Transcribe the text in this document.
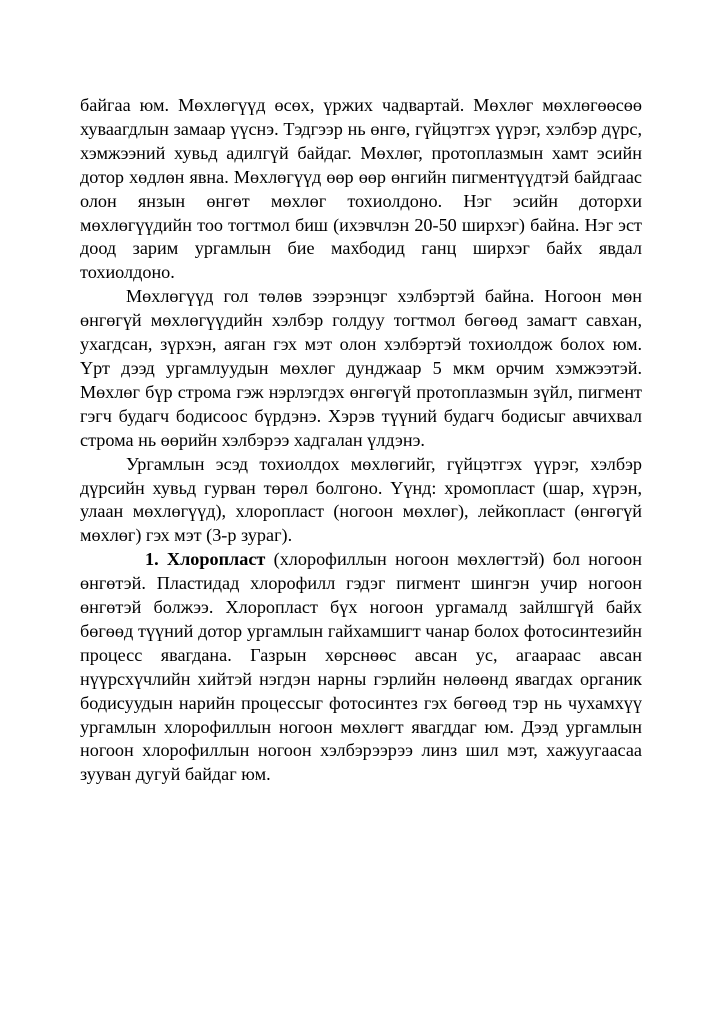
байгаа юм. Мөхлөгүүд өсөх, үржих чадвартай. Мөхлөг мөхлөгөөсөө хуваагдлын замаар үүснэ. Тэдгээр нь өнгө, гүйцэтгэх үүрэг, хэлбэр дүрс, хэмжээний хувьд адилгүй байдаг. Мөхлөг, протоплазмын хамт эсийн дотор хөдлөн явна. Мөхлөгүүд өөр өөр өнгийн пигментүүдтэй байдгаас олон янзын өнгөт мөхлөг тохиолдоно. Нэг эсийн доторхи мөхлөгүүдийн тоо тогтмол биш (ихэвчлэн 20-50 ширхэг) байна. Нэг эст доод зарим ургамлын бие махбодид ганц ширхэг байх явдал тохиолдоно.

Мөхлөгүүд гол төлөв зээрэнцэг хэлбэртэй байна. Ногоон мөн өнгөгүй мөхлөгүүдийн хэлбэр голдуу тогтмол бөгөөд замагт савхан, ухагдсан, зүрхэн, аяган гэх мэт олон хэлбэртэй тохиолдож болох юм. Үрт дээд ургамлуудын мөхлөг дунджаар 5 мкм орчим хэмжээтэй. Мөхлөг бүр строма гэж нэрлэгдэх өнгөгүй протоплазмын зүйл, пигмент гэгч будагч бодисоос бүрдэнэ. Хэрэв түүний будагч бодисыг авчихвал строма нь өөрийн хэлбэрээ хадгалан үлдэнэ.

Ургамлын эсэд тохиолдох мөхлөгийг, гүйцэтгэх үүрэг, хэлбэр дүрсийн хувьд гурван төрөл болгоно. Үүнд: хромопласт (шар, хүрэн, улаан мөхлөгүүд), хлоропласт (ногоон мөхлөг), лейкопласт (өнгөгүй мөхлөг) гэх мэт (3-р зураг).

1. Хлоропласт (хлорофиллын ногоон мөхлөгтэй) бол ногоон өнгөтэй. Пластидад хлорофилл гэдэг пигмент шингэн учир ногоон өнгөтэй болжээ. Хлоропласт бүх ногоон ургамалд зайлшгүй байх бөгөөд түүний дотор ургамлын гайхамшигт чанар болох фотосинтезийн процесс явагдана. Газрын хөрснөөс авсан ус, агаараас авсан нүүрсхүчлийн хийтэй нэгдэн нарны гэрлийн нөлөөнд явагдах органик бодисуудын нарийн процессыг фотосинтез гэх бөгөөд тэр нь чухамхүү ургамлын хлорофиллын ногоон мөхлөгт явагддаг юм. Дээд ургамлын ногоон хлорофиллын ногоон хэлбэрээрээ линз шил мэт, хажуугаасаа зууван дугуй байдаг юм.
